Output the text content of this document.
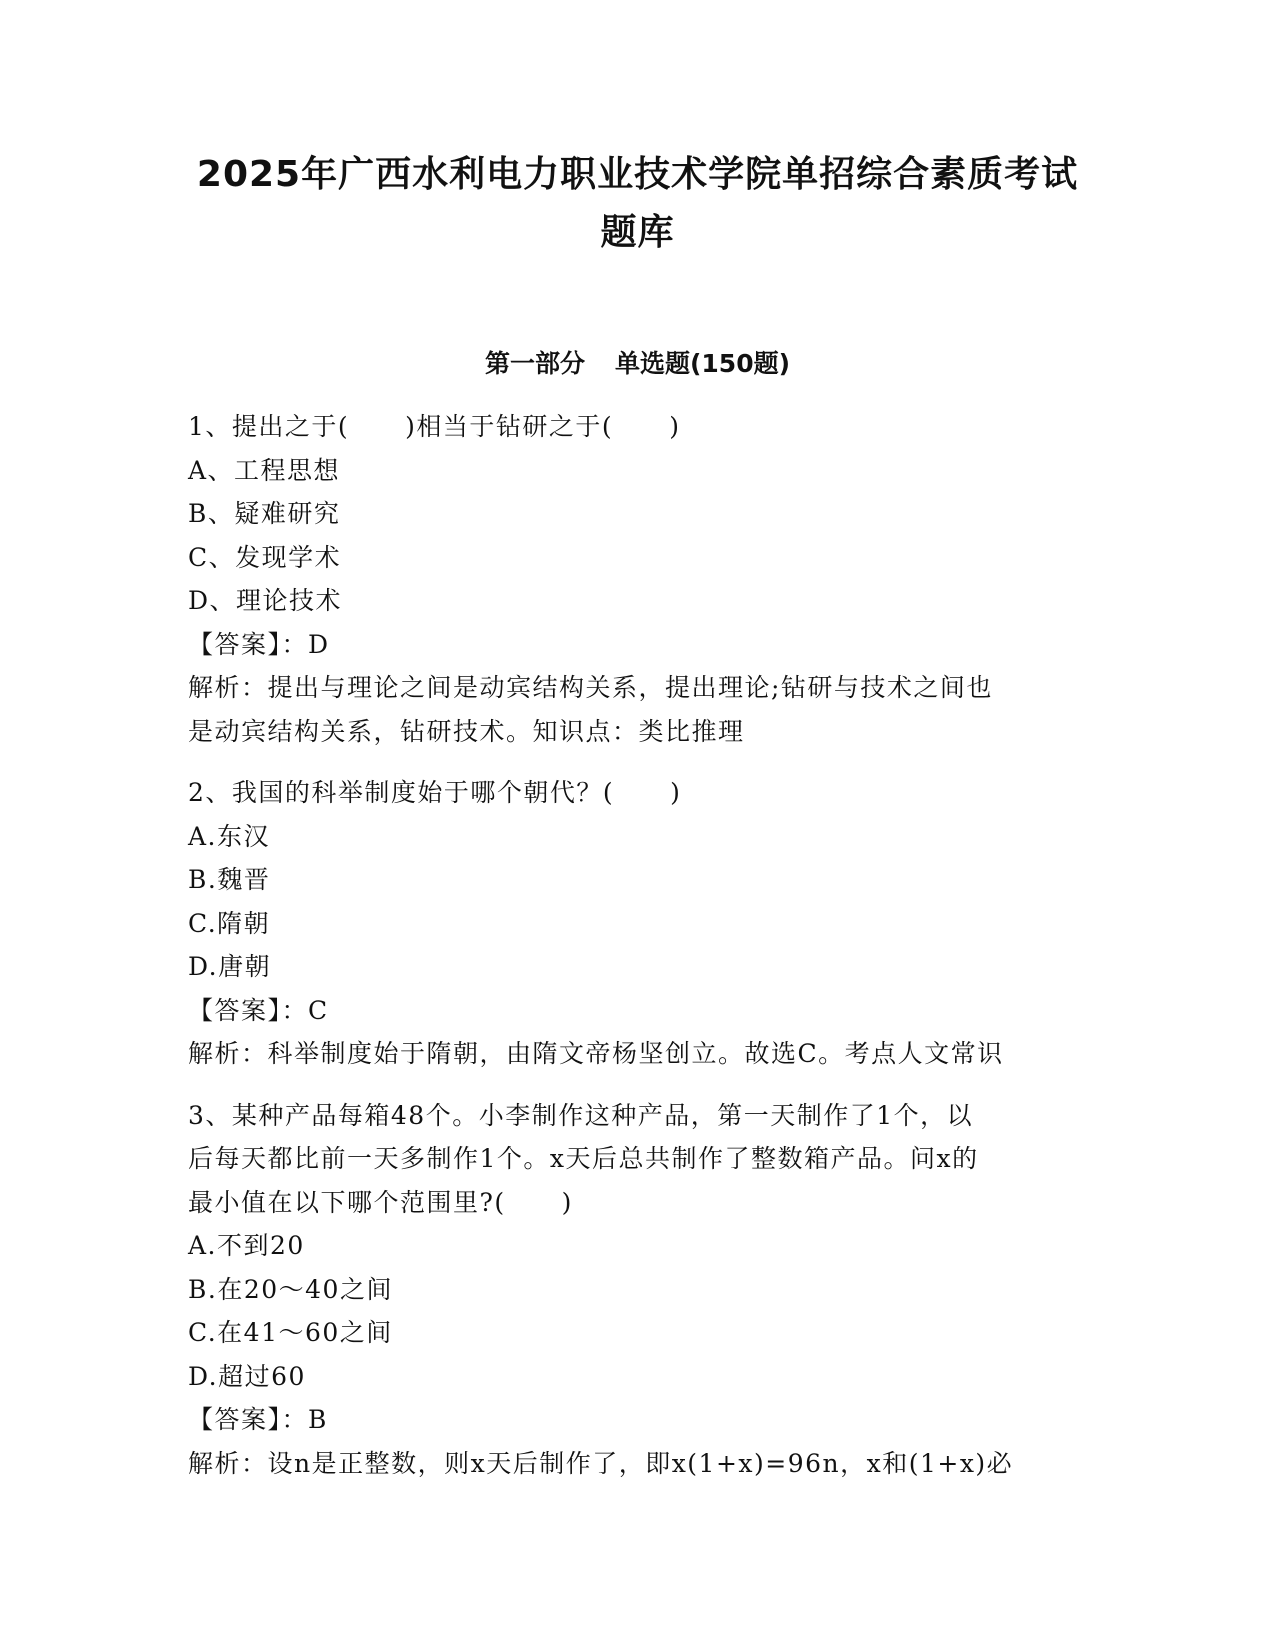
2025年广西水利电力职业技术学院单招综合素质考试
题库
第一部分 单选题(150题)
1、提出之于( )相当于钻研之于( )
A、工程思想
B、疑难研究
C、发现学术
D、理论技术
【答案】：D
解析：提出与理论之间是动宾结构关系，提出理论;钻研与技术之间也
是动宾结构关系，钻研技术。知识点：类比推理
2、我国的科举制度始于哪个朝代？( )
A.东汉
B.魏晋
C.隋朝
D.唐朝
【答案】：C
解析：科举制度始于隋朝，由隋文帝杨坚创立。故选C。考点人文常识
3、某种产品每箱48个。小李制作这种产品，第一天制作了1个，以
后每天都比前一天多制作1个。x天后总共制作了整数箱产品。问x的
最小值在以下哪个范围里?( )
A.不到20
B.在20～40之间
C.在41～60之间
D.超过60
【答案】：B
解析：设n是正整数，则x天后制作了，即x(1+x)=96n，x和(1+x)必
